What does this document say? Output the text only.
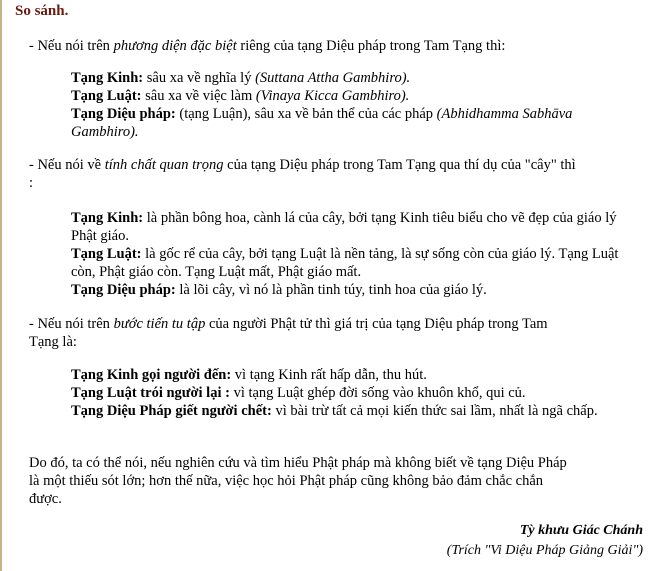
So sánh.
- Nếu nói trên phương diện đặc biệt riêng của tạng Diệu pháp trong Tam Tạng thì:
Tạng Kinh: sâu xa về nghĩa lý (Suttana Attha Gambhiro).
Tạng Luật: sâu xa về việc làm (Vinaya Kicca Gambhiro).
Tạng Diệu pháp: (tạng Luận), sâu xa về bản thể của các pháp (Abhidhamma Sabhāva Gambhiro).
- Nếu nói về tính chất quan trọng của tạng Diệu pháp trong Tam Tạng qua thí dụ của "cây" thì
:
Tạng Kinh: là phần bông hoa, cành lá của cây, bởi tạng Kinh tiêu biểu cho vẽ đẹp của giáo lý Phật giáo.
Tạng Luật: là gốc rể của cây, bởi tạng Luật là nền tảng, là sự sống còn của giáo lý. Tạng Luật còn, Phật giáo còn. Tạng Luật mất, Phật giáo mất.
Tạng Diệu pháp: là lõi cây, vì nó là phần tinh túy, tinh hoa của giáo lý.
- Nếu nói trên bước tiến tu tập của người Phật tử thì giá trị của tạng Diệu pháp trong Tam
Tạng là:
Tạng Kinh gọi người đến: vì tạng Kinh rất hấp dẫn, thu hút.
Tạng Luật trói người lại : vì tạng Luật ghép đời sống vào khuôn khổ, qui củ.
Tạng Diệu Pháp giết người chết: vì bài trừ tất cả mọi kiến thức sai lầm, nhất là ngã chấp.
Do đó, ta có thể nói, nếu nghiên cứu và tìm hiểu Phật pháp mà không biết về tạng Diệu Pháp
là một thiếu sót lớn; hơn thế nữa, việc học hỏi Phật pháp cũng không bảo đảm chắc chắn
được.
Tỳ khưu Giác Chánh
(Trích "Vi Diệu Pháp Giảng Giải")
